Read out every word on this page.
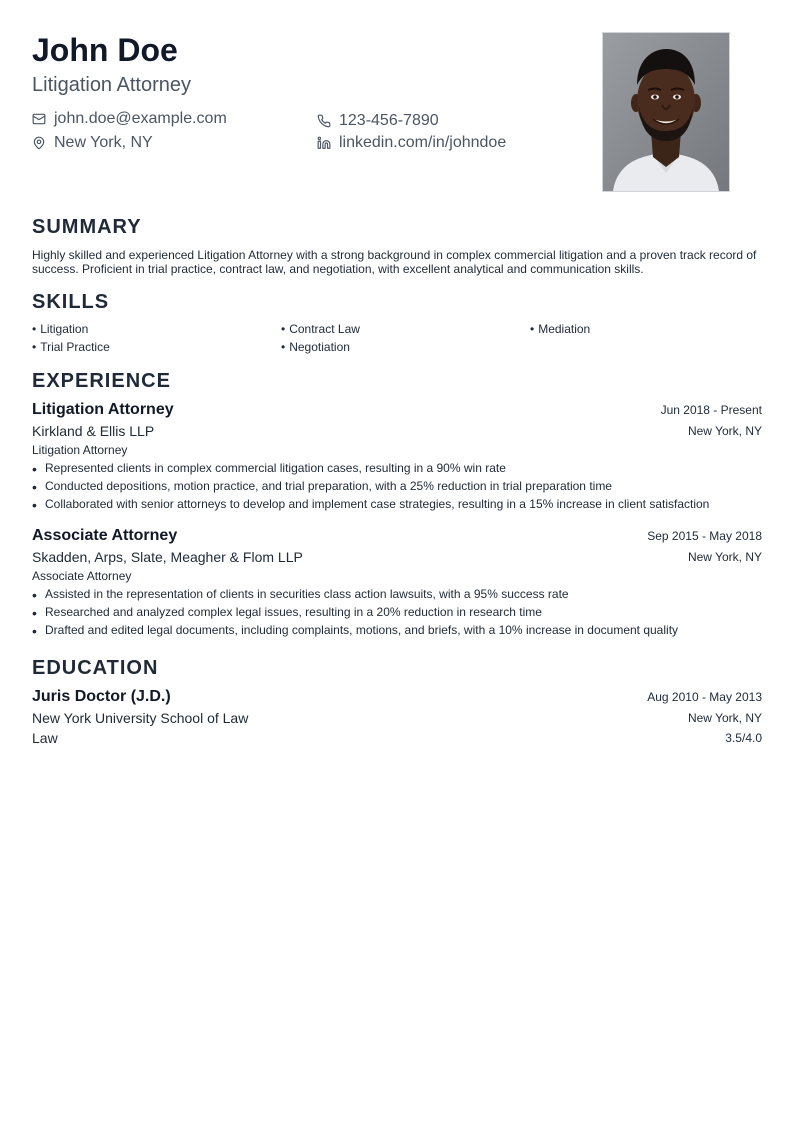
John Doe
Litigation Attorney
john.doe@example.com	123-456-7890
New York, NY	linkedin.com/in/johndoe
SUMMARY

Highly skilled and experienced Litigation Attorney with a strong background in complex commercial litigation and a proven track record of success. Proficient in trial practice, contract law, and negotiation, with excellent analytical and communication skills.

SKILLS
• Litigation	• Contract Law	• Mediation
• Trial Practice	• Negotiation
EXPERIENCE
Litigation Attorney	Jun 2018 - Present
Kirkland & Ellis LLP	New York, NY
Litigation Attorney
• Represented clients in complex commercial litigation cases, resulting in a 90% win rate
• Conducted depositions, motion practice, and trial preparation, with a 25% reduction in trial preparation time
• Collaborated with senior attorneys to develop and implement case strategies, resulting in a 15% increase in client satisfaction
Associate Attorney	Sep 2015 - May 2018
Skadden, Arps, Slate, Meagher & Flom LLP	New York, NY
Associate Attorney
• Assisted in the representation of clients in securities class action lawsuits, with a 95% success rate
• Researched and analyzed complex legal issues, resulting in a 20% reduction in research time
• Drafted and edited legal documents, including complaints, motions, and briefs, with a 10% increase in document quality
EDUCATION
Juris Doctor (J.D.)	Aug 2010 - May 2013
New York University School of Law	New York, NY
Law	3.5/4.0
